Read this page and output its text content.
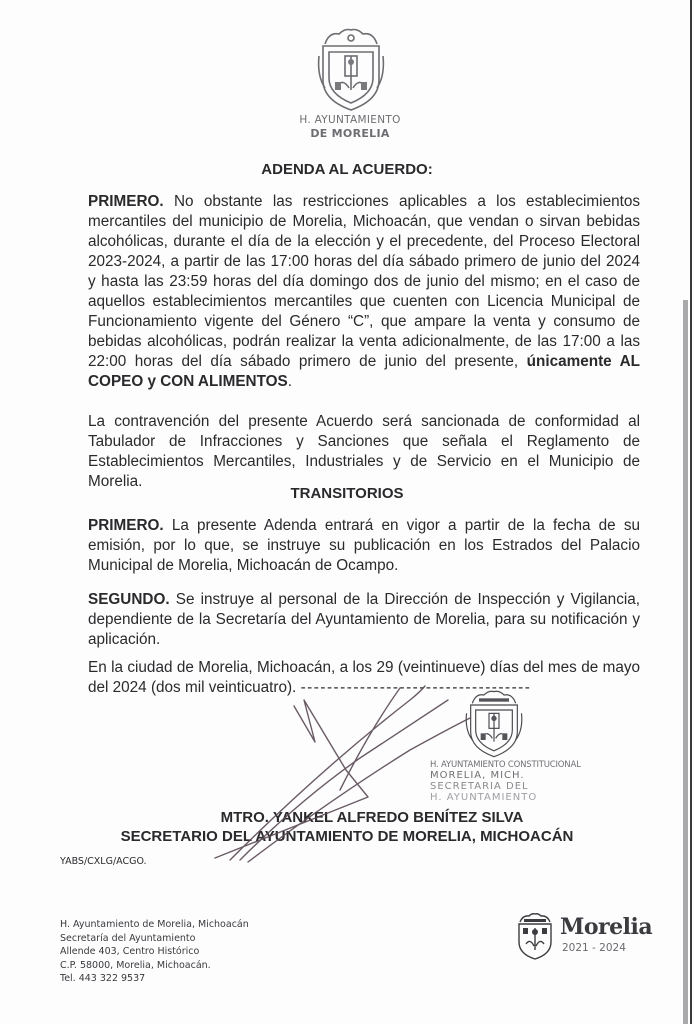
H. AYUNTAMIENTO
DE MORELIA
ADENDA AL ACUERDO:
PRIMERO. No obstante las restricciones aplicables a los establecimientos mercantiles del municipio de Morelia, Michoacán, que vendan o sirvan bebidas alcohólicas, durante el día de la elección y el precedente, del Proceso Electoral 2023-2024, a partir de las 17:00 horas del día sábado primero de junio del 2024 y hasta las 23:59 horas del día domingo dos de junio del mismo; en el caso de aquellos establecimientos mercantiles que cuenten con Licencia Municipal de Funcionamiento vigente del Género “C”, que ampare la venta y consumo de bebidas alcohólicas, podrán realizar la venta adicionalmente, de las 17:00 a las 22:00 horas del día sábado primero de junio del presente, únicamente AL COPEO y CON ALIMENTOS.
La contravención del presente Acuerdo será sancionada de conformidad al Tabulador de Infracciones y Sanciones que señala el Reglamento de Establecimientos Mercantiles, Industriales y de Servicio en el Municipio de Morelia.
TRANSITORIOS
PRIMERO. La presente Adenda entrará en vigor a partir de la fecha de su emisión, por lo que, se instruye su publicación en los Estrados del Palacio Municipal de Morelia, Michoacán de Ocampo.
SEGUNDO. Se instruye al personal de la Dirección de Inspección y Vigilancia, dependiente de la Secretaría del Ayuntamiento de Morelia, para su notificación y aplicación.
En la ciudad de Morelia, Michoacán, a los 29 (veintinueve) días del mes de mayo del 2024 (dos mil veinticuatro). -----------------------------------
H. AYUNTAMIENTO CONSTITUCIONAL
MORELIA, MICH.
SECRETARIA DEL
H. AYUNTAMIENTO
MTRO. YANKEL ALFREDO BENÍTEZ SILVA
SECRETARIO DEL AYUNTAMIENTO DE MORELIA, MICHOACÁN
YABS/CXLG/ACGO.
H. Ayuntamiento de Morelia, Michoacán
Secretaría del Ayuntamiento
Allende 403, Centro Histórico
C.P. 58000, Morelia, Michoacán.
Tel. 443 322 9537
Morelia
2021 - 2024
